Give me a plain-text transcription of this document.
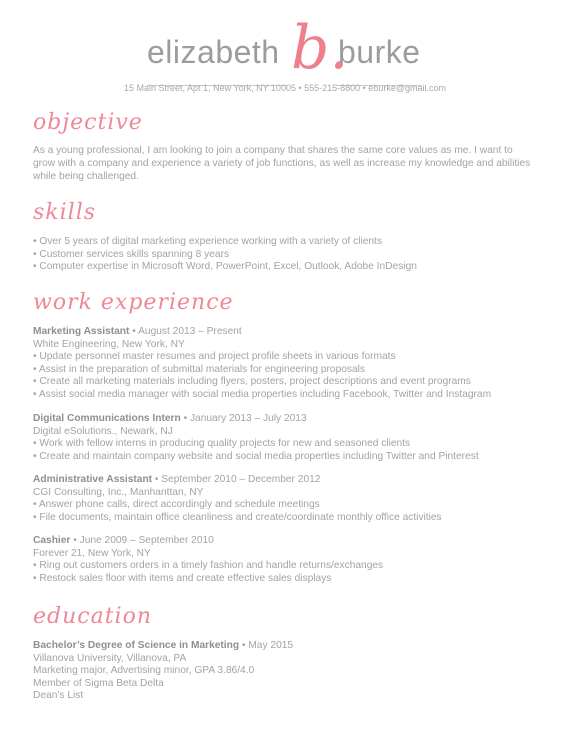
elizabeth b.
burke
15 Main Street, Apt 1, New York, NY 10005 • 555-215-8800 • eburke@gmail.com
objective
As a young professional, I am looking to join a company that shares the same core values as me. I want to grow with a company and experience a variety of job functions, as well as increase my knowledge and abilities while being challenged.
skills
• Over 5 years of digital marketing experience working with a variety of clients
• Customer services skills spanning 8 years
• Computer expertise in Microsoft Word, PowerPoint, Excel, Outlook, Adobe InDesign
work experience
Marketing Assistant • August 2013 – Present
White Engineering, New York, NY
• Update personnel master resumes and project profile sheets in various formats
• Assist in the preparation of submittal materials for engineering proposals
• Create all marketing materials including flyers, posters, project descriptions and event programs
• Assist social media manager with social media properties including Facebook, Twitter and Instagram
Digital Communications Intern • January 2013 – July 2013
Digital eSolutions., Newark, NJ
• Work with fellow interns in producing quality projects for new and seasoned clients
• Create and maintain company website and social media properties including Twitter and Pinterest
Administrative Assistant • September 2010 – December 2012
CGI Consulting, Inc., Manhanttan, NY
• Answer phone calls, direct accordingly and schedule meetings
• File documents, maintain office cleanliness and create/coordinate monthly office activities
Cashier • June 2009 – September 2010
Forever 21, New York, NY
• Ring out customers orders in a timely fashion and handle returns/exchanges
• Restock sales floor with items and create effective sales displays
education
Bachelor’s Degree of Science in Marketing • May 2015
Villanova University, Villanova, PA
Marketing major, Advertising minor, GPA 3.86/4.0
Member of Sigma Beta Delta
Dean’s List
